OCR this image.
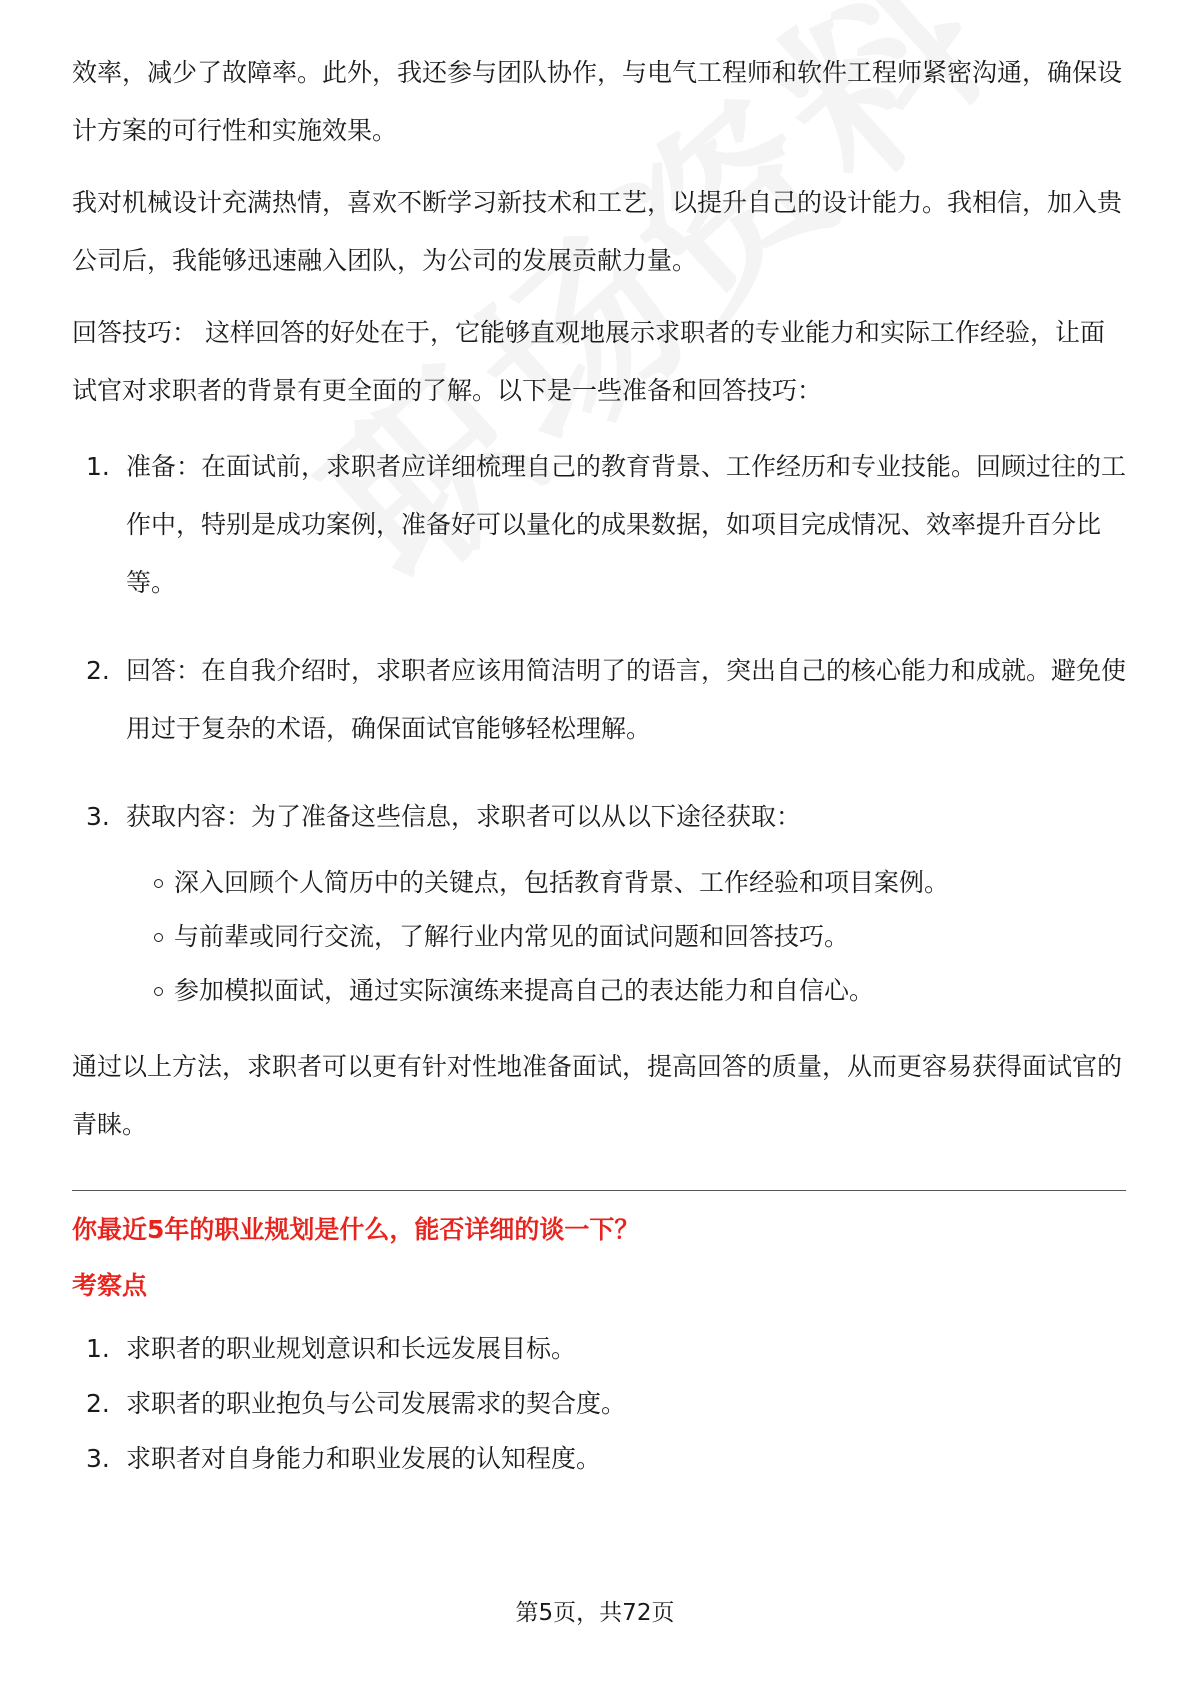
效率，减少了故障率。此外，我还参与团队协作，与电气工程师和软件工程师紧密沟通，确保设计方案的可行性和实施效果。

我对机械设计充满热情，喜欢不断学习新技术和工艺，以提升自己的设计能力。我相信，加入贵公司后，我能够迅速融入团队，为公司的发展贡献力量。

回答技巧： 这样回答的好处在于，它能够直观地展示求职者的专业能力和实际工作经验，让面试官对求职者的背景有更全面的了解。以下是一些准备和回答技巧：

1. 准备：在面试前，求职者应详细梳理自己的教育背景、工作经历和专业技能。回顾过往的工作中，特别是成功案例，准备好可以量化的成果数据，如项目完成情况、效率提升百分比等。
2. 回答：在自我介绍时，求职者应该用简洁明了的语言，突出自己的核心能力和成就。避免使用过于复杂的术语，确保面试官能够轻松理解。
3. 获取内容：为了准备这些信息，求职者可以从以下途径获取：
深入回顾个人简历中的关键点，包括教育背景、工作经验和项目案例。
与前辈或同行交流，了解行业内常见的面试问题和回答技巧。
参加模拟面试，通过实际演练来提高自己的表达能力和自信心。

通过以上方法，求职者可以更有针对性地准备面试，提高回答的质量，从而更容易获得面试官的青睐。

你最近5年的职业规划是什么，能否详细的谈一下？
考察点
1. 求职者的职业规划意识和长远发展目标。
2. 求职者的职业抱负与公司发展需求的契合度。
3. 求职者对自身能力和职业发展的认知程度。
第5页，共72页
